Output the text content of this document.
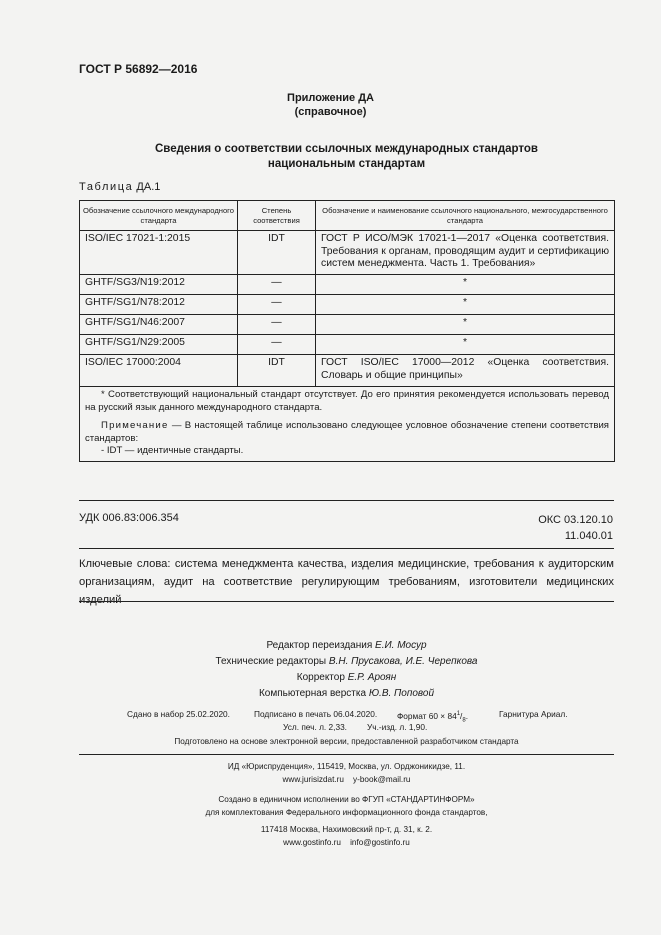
ГОСТ Р 56892—2016
Приложение ДА
(справочное)
Сведения о соответствии ссылочных международных стандартов
национальным стандартам
Таблица ДА.1
Обозначение ссылочного международного стандарта	Степень соответствия	Обозначение и наименование ссылочного национального, межгосударственного стандарта
ISO/IEC 17021-1:2015	IDT	ГОСТ Р ИСО/МЭК 17021-1—2017 «Оценка соответствия. Требования к органам, проводящим аудит и сертификацию систем менеджмента. Часть 1. Требования»
GHTF/SG3/N19:2012	—	*
GHTF/SG1/N78:2012	—	*
GHTF/SG1/N46:2007	—	*
GHTF/SG1/N29:2005	—	*
ISO/IEC 17000:2004	IDT	ГОСТ ISO/IEC 17000—2012 «Оценка соответствия. Словарь и общие принципы»

* Соответствующий национальный стандарт отсутствует. До его принятия рекомендуется использовать перевод на русский язык данного международного стандарта.

Примечание — В настоящей таблице использовано следующее условное обозначение степени соответствия стандартов:

- IDT — идентичные стандарты.		

УДК 006.83:006.354	ОКС 03.120.10
11.040.01
Ключевые слова: система менеджмента качества, изделия медицинские, требования к аудиторским
организациям, аудит на соответствие регулирующим требованиям, изготовители медицинских изделий
Редактор переиздания Е.И. Мосур
Технические редакторы В.Н. Прусакова, И.Е. Черепкова
Корректор Е.Р. Ароян
Компьютерная верстка Ю.В. Поповой
Сдано в набор 25.02.2020.	Подписано в печать 06.04.2020. Формат $60 \times 84^1/_8$.	Гарнитура Ариал.
Усл. печ. л. 2,33. Уч.-изд. л. 1,90.
Подготовлено на основе электронной версии, предоставленной разработчиком стандарта
ИД «Юриспруденция», 115419, Москва, ул. Орджоникидзе, 11.
www.jurisizdat.ru y-book@mail.ru
Создано в единичном исполнении во ФГУП «СТАНДАРТИНФОРМ»
для комплектования Федерального информационного фонда стандартов,
117418 Москва, Нахимовский пр-т, д. 31, к. 2.
www.gostinfo.ru info@gostinfo.ru
